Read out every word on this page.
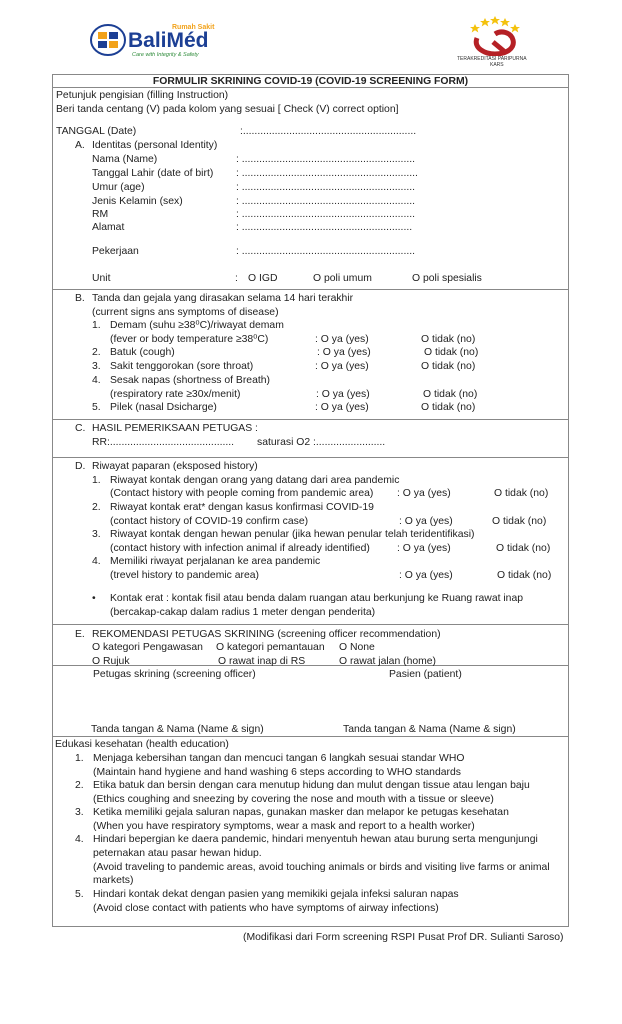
Rumah Sakit
BaliMéd
Care with Integrity & Safety
TERAKREDITASI PARIPURNA
KARS
FORMULIR SKRINING COVID-19 (COVID-19 SCREENING FORM)
Petunjuk pengisian (filling Instruction)
Beri tanda centang (V) pada kolom yang sesuai [ Check (V) correct option]
TANGGAL (Date)	:............................................................
A. Identitas (personal Identity)
Nama (Name)	: ............................................................
Tanggal Lahir (date of birt) : .............................................................
Umur (age)	: ............................................................
Jenis Kelamin (sex)	: ............................................................
RM	: ............................................................
Alamat	: ...........................................................
Pekerjaan	: ............................................................
Unit	: O IGD	O poli umum	O poli spesialis
B. Tanda dan gejala yang dirasakan selama 14 hari terakhir
(current signs ans symptoms of disease)
1. Demam (suhu ≥38⁰C)/riwayat demam
(fever or body temperature ≥38⁰C)	: O ya (yes)	O tidak (no)
2. Batuk (cough)	: O ya (yes)	O tidak (no)
3. Sakit tenggorokan (sore throat)	: O ya (yes)	O tidak (no)
4. Sesak napas (shortness of Breath)
(respiratory rate ≥30x/menit)	: O ya (yes)	O tidak (no)
5. Pilek (nasal Dsicharge)	: O ya (yes)	O tidak (no)
C. HASIL PEMERIKSAAN PETUGAS :
RR:........................................... saturasi O2 :........................
D. Riwayat paparan (eksposed history)
1. Riwayat kontak dengan orang yang datang dari area pandemic
(Contact history with people coming from pandemic area) : O ya (yes)	O tidak (no)
2. Riwayat kontak erat* dengan kasus konfirmasi COVID-19
(contact history of COVID-19 confirm case)	: O ya (yes)	O tidak (no)
3. Riwayat kontak dengan hewan penular (jika hewan penular telah teridentifikasi)
(contact history with infection animal if already identified)	: O ya (yes)	O tidak (no)
4. Memiliki riwayat perjalanan ke area pandemic
(trevel history to pandemic area)	: O ya (yes)	O tidak (no)
• Kontak erat : kontak fisil atau benda dalam ruangan atau berkunjung ke Ruang rawat inap
(bercakap-cakap dalam radius 1 meter dengan penderita)
E. REKOMENDASI PETUGAS SKRINING (screening officer recommendation)
O kategori Pengawasan O kategori pemantauan O None
O Rujuk	O rawat inap di RS	O rawat jalan (home)
Petugas skrining (screening officer)	Pasien (patient)
Tanda tangan & Nama (Name & sign)	Tanda tangan & Nama (Name & sign)
Edukasi kesehatan (health education)
1. Menjaga kebersihan tangan dan mencuci tangan 6 langkah sesuai standar WHO
(Maintain hand hygiene and hand washing 6 steps according to WHO standards
2. Etika batuk dan bersin dengan cara menutup hidung dan mulut dengan tissue atau lengan baju
(Ethics coughing and sneezing by covering the nose and mouth with a tissue or sleeve)
3. Ketika memiliki gejala saluran napas, gunakan masker dan melapor ke petugas kesehatan
(When you have respiratory symptoms, wear a mask and report to a health worker)
4. Hindari bepergian ke daera pandemic, hindari menyentuh hewan atau burung serta mengunjungi
peternakan atau pasar hewan hidup.
(Avoid traveling to pandemic areas, avoid touching animals or birds and visiting live farms or animal
markets)
5. Hindari kontak dekat dengan pasien yang memikiki gejala infeksi saluran napas
(Avoid close contact with patients who have symptoms of airway infections)
(Modifikasi dari Form screening RSPI Pusat Prof DR. Sulianti Saroso)
